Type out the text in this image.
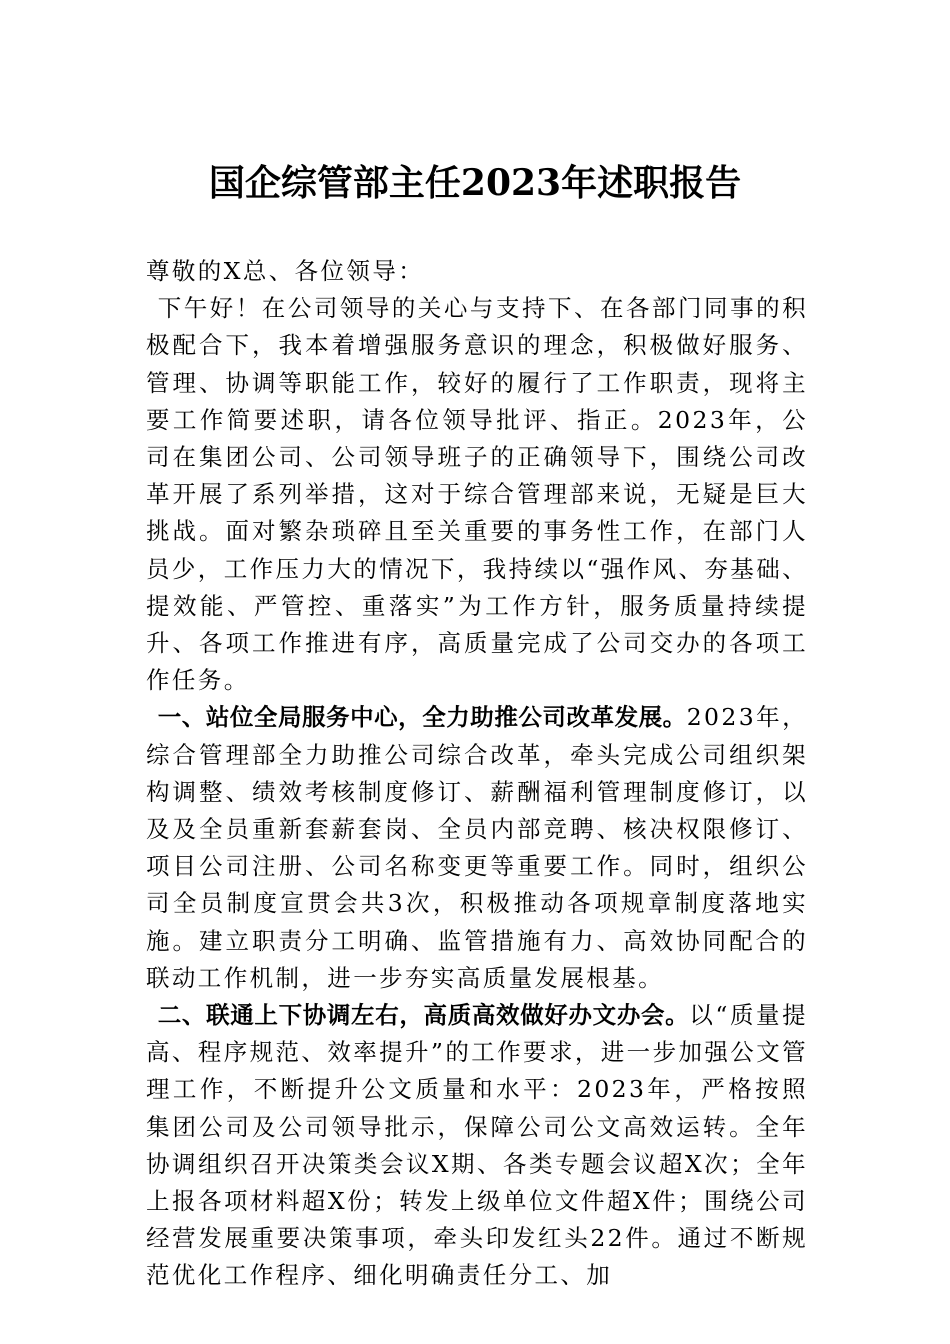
国企综管部主任2023年述职报告

尊敬的X总、各位领导：

下午好！在公司领导的关心与支持下、在各部门同事的积极配合下，我本着增强服务意识的理念，积极做好服务、管理、协调等职能工作，较好的履行了工作职责，现将主要工作简要述职，请各位领导批评、指正。2023年，公司在集团公司、公司领导班子的正确领导下，围绕公司改革开展了系列举措，这对于综合管理部来说，无疑是巨大挑战。面对繁杂琐碎且至关重要的事务性工作，在部门人员少，工作压力大的情况下，我持续以“强作风、夯基础、提效能、严管控、重落实”为工作方针，服务质量持续提升、各项工作推进有序，高质量完成了公司交办的各项工作任务。

一、站位全局服务中心，全力助推公司改革发展。2023年，综合管理部全力助推公司综合改革，牵头完成公司组织架构调整、绩效考核制度修订、薪酬福利管理制度修订，以及及全员重新套薪套岗、全员内部竞聘、核决权限修订、项目公司注册、公司名称变更等重要工作。同时，组织公司全员制度宣贯会共3次，积极推动各项规章制度落地实施。建立职责分工明确、监管措施有力、高效协同配合的联动工作机制，进一步夯实高质量发展根基。

二、联通上下协调左右，高质高效做好办文办会。以“质量提高、程序规范、效率提升”的工作要求，进一步加强公文管理工作，不断提升公文质量和水平：2023年，严格按照集团公司及公司领导批示，保障公司公文高效运转。全年协调组织召开决策类会议X期、各类专题会议超X次；全年上报各项材料超X份；转发上级单位文件超X件；围绕公司经营发展重要决策事项，牵头印发红头22件。通过不断规范优化工作程序、细化明确责任分工、加
